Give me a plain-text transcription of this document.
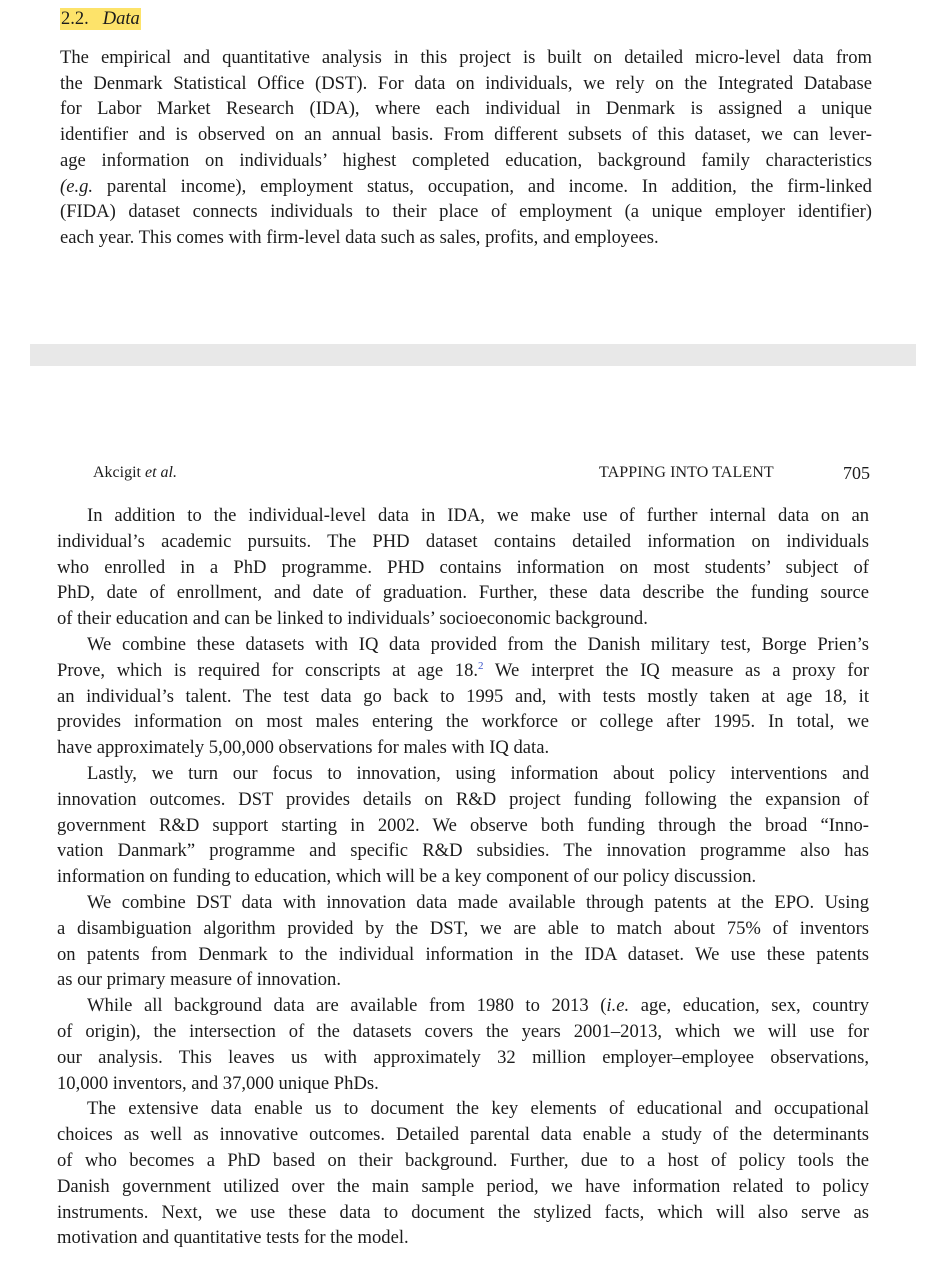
2.2. Data
The empirical and quantitative analysis in this project is built on detailed micro-level data from
the Denmark Statistical Office (DST). For data on individuals, we rely on the Integrated Database
for Labor Market Research (IDA), where each individual in Denmark is assigned a unique
identifier and is observed on an annual basis. From different subsets of this dataset, we can lever-
age information on individuals’ highest completed education, background family characteristics
(e.g. parental income), employment status, occupation, and income. In addition, the firm-linked
(FIDA) dataset connects individuals to their place of employment (a unique employer identifier)
each year. This comes with firm-level data such as sales, profits, and employees.
Akcigit et al.	TAPPING INTO TALENT	705

In addition to the individual-level data in IDA, we make use of further internal data on an
individual’s academic pursuits. The PHD dataset contains detailed information on individuals
who enrolled in a PhD programme. PHD contains information on most students’ subject of
PhD, date of enrollment, and date of graduation. Further, these data describe the funding source
of their education and can be linked to individuals’ socioeconomic background.

We combine these datasets with IQ data provided from the Danish military test, Borge Prien’s
Prove, which is required for conscripts at age 18.$^2$ We interpret the IQ measure as a proxy for
an individual’s talent. The test data go back to 1995 and, with tests mostly taken at age 18, it
provides information on most males entering the workforce or college after 1995. In total, we
have approximately 5,00,000 observations for males with IQ data.

Lastly, we turn our focus to innovation, using information about policy interventions and
innovation outcomes. DST provides details on R&D project funding following the expansion of
government R&D support starting in 2002. We observe both funding through the broad “Inno-
vation Danmark” programme and specific R&D subsidies. The innovation programme also has
information on funding to education, which will be a key component of our policy discussion.

We combine DST data with innovation data made available through patents at the EPO. Using
a disambiguation algorithm provided by the DST, we are able to match about 75% of inventors
on patents from Denmark to the individual information in the IDA dataset. We use these patents
as our primary measure of innovation.

While all background data are available from 1980 to 2013 (i.e. age, education, sex, country
of origin), the intersection of the datasets covers the years 2001–2013, which we will use for
our analysis. This leaves us with approximately 32 million employer–employee observations,
10,000 inventors, and 37,000 unique PhDs.

The extensive data enable us to document the key elements of educational and occupational
choices as well as innovative outcomes. Detailed parental data enable a study of the determinants
of who becomes a PhD based on their background. Further, due to a host of policy tools the
Danish government utilized over the main sample period, we have information related to policy
instruments. Next, we use these data to document the stylized facts, which will also serve as
motivation and quantitative tests for the model.
